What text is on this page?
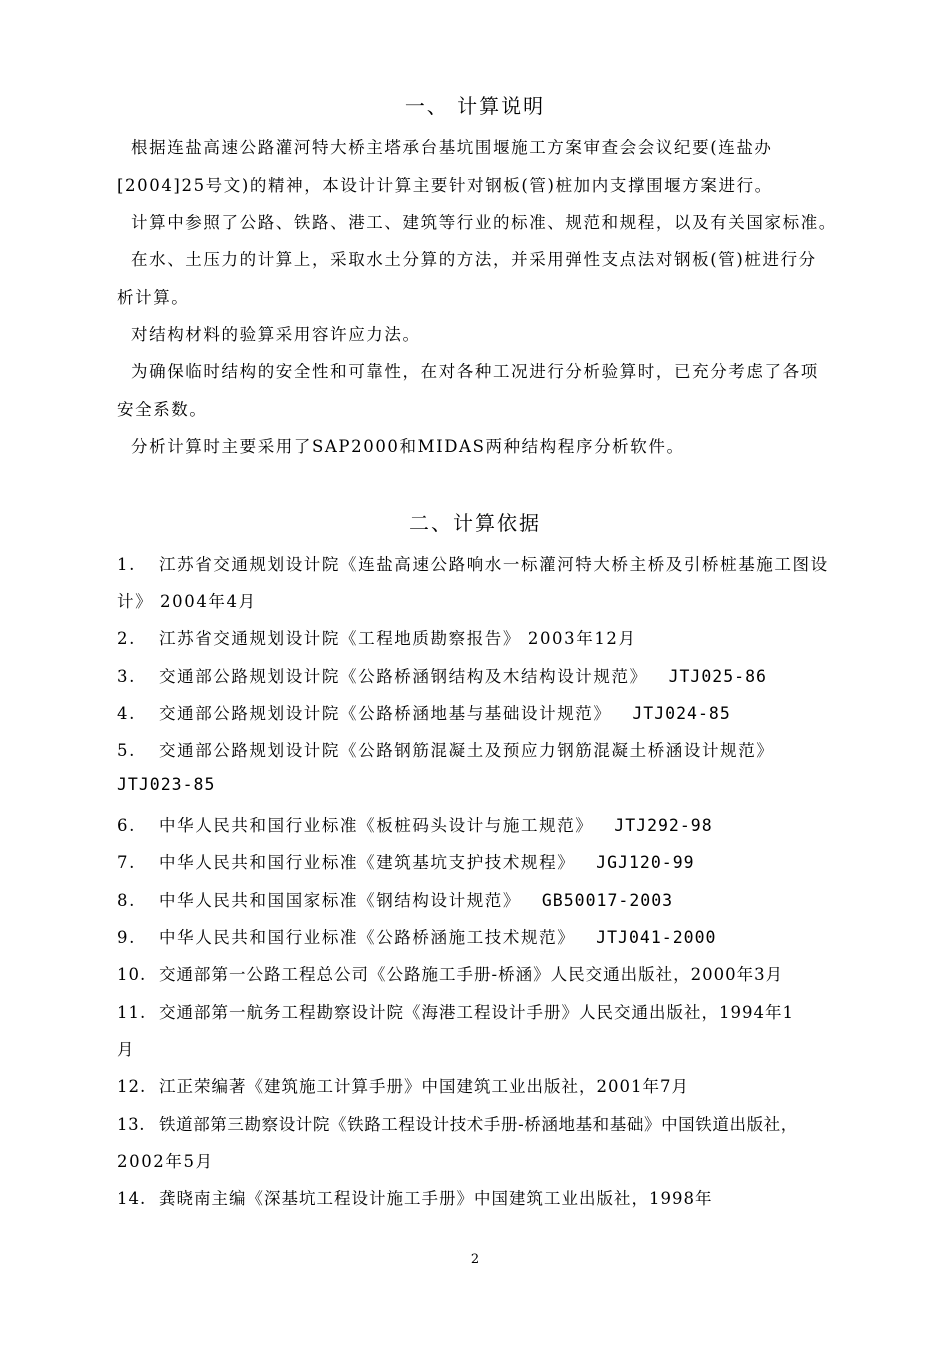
一、 计算说明
根据连盐高速公路灌河特大桥主塔承台基坑围堰施工方案审查会会议纪要(连盐办
[2004]25号文)的精神，本设计计算主要针对钢板(管)桩加内支撑围堰方案进行。
计算中参照了公路、铁路、港工、建筑等行业的标准、规范和规程，以及有关国家标准。
在水、土压力的计算上，采取水土分算的方法，并采用弹性支点法对钢板(管)桩进行分
析计算。
对结构材料的验算采用容许应力法。
为确保临时结构的安全性和可靠性，在对各种工况进行分析验算时，已充分考虑了各项
安全系数。
分析计算时主要采用了SAP2000和MIDAS两种结构程序分析软件。
二、计算依据
1. 江苏省交通规划设计院《连盐高速公路响水一标灌河特大桥主桥及引桥桩基施工图设
计》 2004年4月
2. 江苏省交通规划设计院《工程地质勘察报告》 2003年12月
3. 交通部公路规划设计院《公路桥涵钢结构及木结构设计规范》 JTJ025-86
4. 交通部公路规划设计院《公路桥涵地基与基础设计规范》 JTJ024-85
5. 交通部公路规划设计院《公路钢筋混凝土及预应力钢筋混凝土桥涵设计规范》
JTJ023-85
6. 中华人民共和国行业标准《板桩码头设计与施工规范》 JTJ292-98
7. 中华人民共和国行业标准《建筑基坑支护技术规程》 JGJ120-99
8. 中华人民共和国国家标准《钢结构设计规范》 GB50017-2003
9. 中华人民共和国行业标准《公路桥涵施工技术规范》 JTJ041-2000
10. 交通部第一公路工程总公司《公路施工手册-桥涵》人民交通出版社，2000年3月
11. 交通部第一航务工程勘察设计院《海港工程设计手册》人民交通出版社，1994年1
月
12. 江正荣编著《建筑施工计算手册》中国建筑工业出版社，2001年7月
13. 铁道部第三勘察设计院《铁路工程设计技术手册-桥涵地基和基础》中国铁道出版社，
2002年5月
14. 龚晓南主编《深基坑工程设计施工手册》中国建筑工业出版社，1998年
2
